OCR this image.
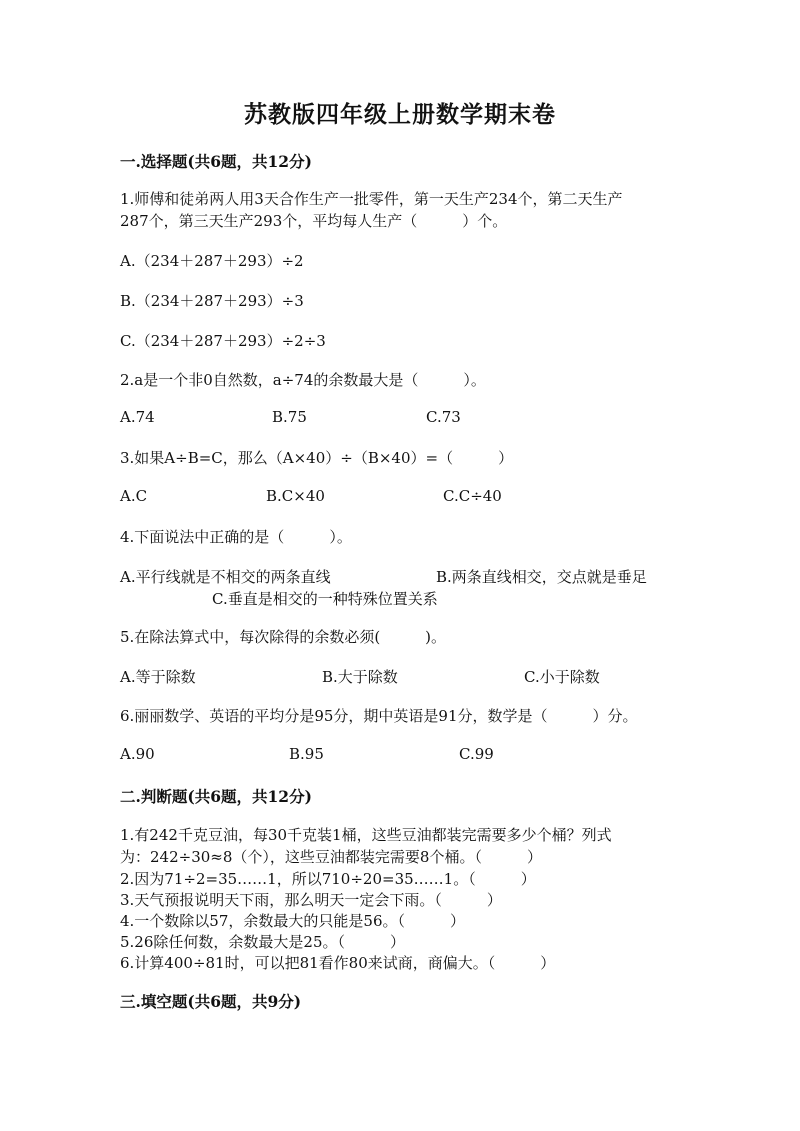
苏教版四年级上册数学期末卷
一.选择题(共6题，共12分)
1.师傅和徒弟两人用3天合作生产一批零件，第一天生产234个，第二天生产
287个，第三天生产293个，平均每人生产（　　　）个。
A.（234＋287＋293）÷2
B.（234＋287＋293）÷3
C.（234＋287＋293）÷2÷3
2.a是一个非0自然数，a÷74的余数最大是（　　　）。
A.74	B.75	C.73
3.如果A÷B=C，那么（A×40）÷（B×40）=（　　　）
A.C	B.C×40	C.C÷40
4.下面说法中正确的是（　　　）。
A.平行线就是不相交的两条直线	B.两条直线相交，交点就是垂足
C.垂直是相交的一种特殊位置关系
5.在除法算式中，每次除得的余数必须(　　　)。
A.等于除数	B.大于除数	C.小于除数
6.丽丽数学、英语的平均分是95分，期中英语是91分，数学是（　　　）分。
A.90	B.95	C.99
二.判断题(共6题，共12分)
1.有242千克豆油，每30千克装1桶，这些豆油都装完需要多少个桶？列式
为：242÷30≈8（个），这些豆油都装完需要8个桶。（　　　）
2.因为71÷2=35……1，所以710÷20=35……1。（　　　）
3.天气预报说明天下雨，那么明天一定会下雨。（　　　）
4.一个数除以57，余数最大的只能是56。（　　　）
5.26除任何数，余数最大是25。（　　　）
6.计算400÷81时，可以把81看作80来试商，商偏大。（　　　）
三.填空题(共6题，共9分)
